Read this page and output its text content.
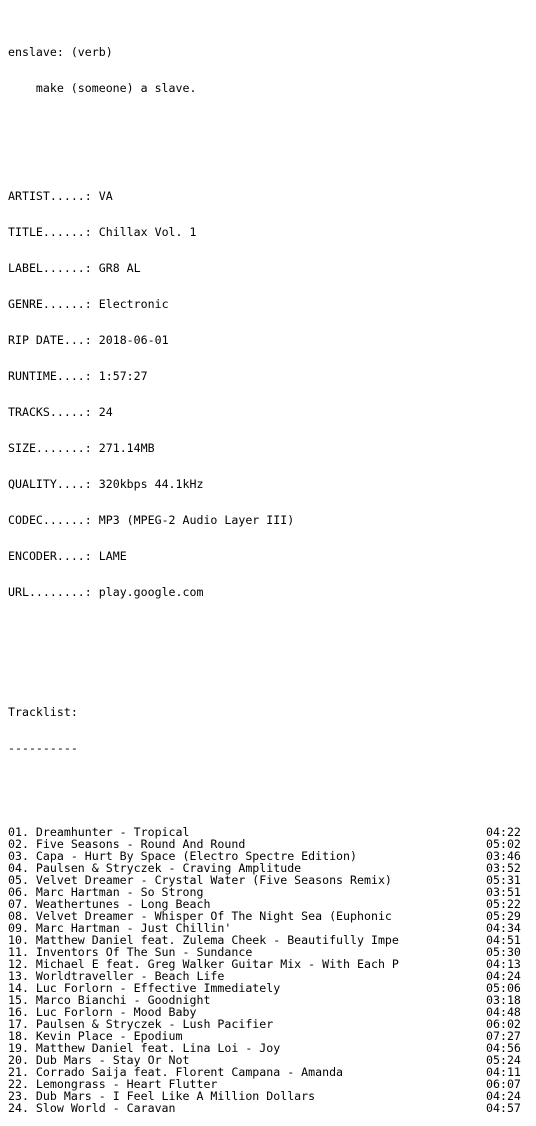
enslave: (verb)

make (someone) a slave.

ARTIST.....: VA

TITLE......: Chillax Vol. 1

LABEL......: GR8 AL

GENRE......: Electronic

RIP DATE...: 2018-06-01

RUNTIME....: 1:57:27

TRACKS.....: 24

SIZE.......: 271.14MB

QUALITY....: 320kbps 44.1kHz

CODEC......: MP3 (MPEG-2 Audio Layer III)

ENCODER....: LAME

URL........: play.google.com

Tracklist:

----------

01. Dreamhunter - Tropical	04:22
02. Five Seasons - Round And Round	05:02
03. Capa - Hurt By Space (Electro Spectre Edition)	03:46
04. Paulsen & Stryczek - Craving Amplitude	03:52
05. Velvet Dreamer - Crystal Water (Five Seasons Remix)	05:31
06. Marc Hartman - So Strong	03:51
07. Weathertunes - Long Beach	05:22
08. Velvet Dreamer - Whisper Of The Night Sea (Euphonic	05:29
09. Marc Hartman - Just Chillin'	04:34
10. Matthew Daniel feat. Zulema Cheek - Beautifully Impe	04:51
11. Inventors Of The Sun - Sundance	05:30
12. Michael E feat. Greg Walker Guitar Mix - With Each P	04:13
13. Worldtraveller - Beach Life	04:24
14. Luc Forlorn - Effective Immediately	05:06
15. Marco Bianchi - Goodnight	03:18
16. Luc Forlorn - Mood Baby	04:48
17. Paulsen & Stryczek - Lush Pacifier	06:02
18. Kevin Place - Epodium	07:27
19. Matthew Daniel feat. Lina Loi - Joy	04:56
20. Dub Mars - Stay Or Not	05:24
21. Corrado Saija feat. Florent Campana - Amanda	04:11
22. Lemongrass - Heart Flutter	06:07
23. Dub Mars - I Feel Like A Million Dollars	04:24
24. Slow World - Caravan	04:57
